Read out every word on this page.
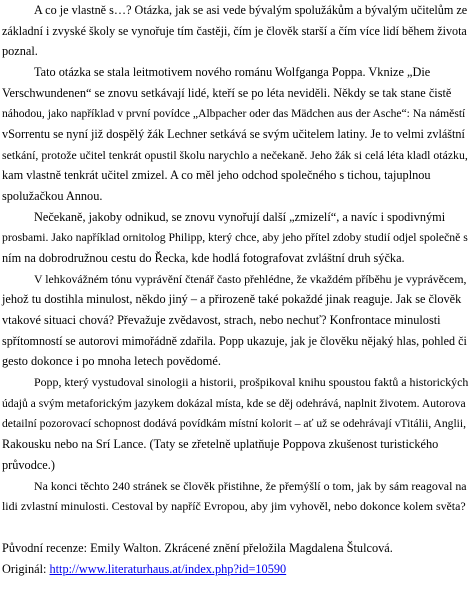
A co je vlastně s…? Otázka, jak se asi vede bývalým spolužákům a bývalým učitelům ze
základní i zvyské školy se vynořuje tím častěji, čím je člověk starší a čím více lidí během života
poznal.
Tato otázka se stala leitmotivem nového románu Wolfganga Poppa. Vknize „Die
Verschwundenen“ se znovu setkávají lidé, kteří se po léta neviděli. Někdy se tak stane čistě
náhodou, jako například v první povídce „Albpacher oder das Mädchen aus der Asche“: Na náměstí
vSorrentu se nyní již dospělý žák Lechner setkává se svým učitelem latiny. Je to velmi zvláštní
setkání, protože učitel tenkrát opustil školu narychlo a nečekaně. Jeho žák si celá léta kladl otázku,
kam vlastně tenkrát učitel zmizel. A co měl jeho odchod společného s tichou, tajuplnou
spolužačkou Annou.
Nečekaně, jakoby odnikud, se znovu vynořují další „zmizelí“, a navíc i spodivnými
prosbami. Jako například ornitolog Philipp, který chce, aby jeho přítel zdoby studií odjel společně s
ním na dobrodružnou cestu do Řecka, kde hodlá fotografovat zvláštní druh sýčka.
V lehkovážném tónu vyprávění čtenář často přehlédne, že vkaždém příběhu je vyprávěcem,
jehož tu dostihla minulost, někdo jiný – a přirozeně také pokaždé jinak reaguje. Jak se člověk
vtakové situaci chová? Převažuje zvědavost, strach, nebo nechuť? Konfrontace minulosti
spřítomností se autorovi mimořádně zdařila. Popp ukazuje, jak je člověku nějaký hlas, pohled či
gesto dokonce i po mnoha letech povědomé.
Popp, který vystudoval sinologii a historii, prošpikoval knihu spoustou faktů a historických
údajů a svým metaforickým jazykem dokázal místa, kde se děj odehrává, naplnit životem. Autorova
detailní pozorovací schopnost dodává povídkám místní kolorit – ať už se odehrávají vTitálii, Anglii,
Rakousku nebo na Srí Lance. (Taty se zřetelně uplatňuje Poppova zkušenost turistického
průvodce.)
Na konci těchto 240 stránek se člověk přistihne, že přemýšlí o tom, jak by sám reagoval na
lidi zvlastní minulosti. Cestoval by napříč Evropou, aby jim vyhověl, nebo dokonce kolem světa?
Původní recenze: Emily Walton. Zkrácené znění přeložila Magdalena Štulcová.
Originál: http://www.literaturhaus.at/index.php?id=10590
